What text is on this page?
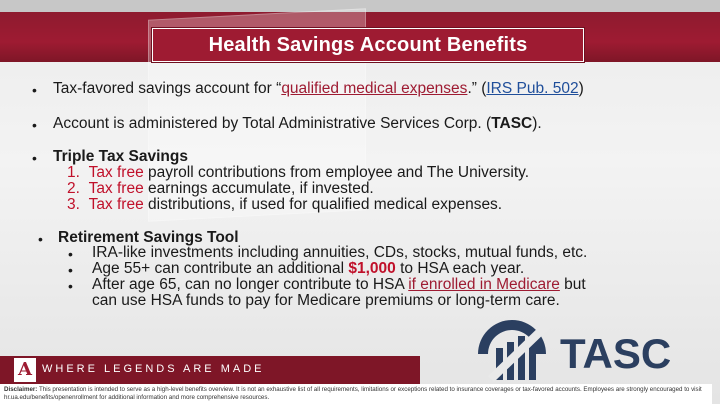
Health Savings Account Benefits
• Tax-favored savings account for “qualified medical expenses.” (IRS Pub. 502)
• Account is administered by Total Administrative Services Corp. (TASC).
• Triple Tax Savings
1. Tax free payroll contributions from employee and The University.
2. Tax free earnings accumulate, if invested.
3. Tax free distributions, if used for qualified medical expenses.
• Retirement Savings Tool
• IRA-like investments including annuities, CDs, stocks, mutual funds, etc.
• Age 55+ can contribute an additional $1,000 to HSA each year.
• After age 65, can no longer contribute to HSA if enrolled in Medicare but
can use HSA funds to pay for Medicare premiums or long-term care.
TASC
A WHERE LEGENDS ARE MADE
Disclaimer: This presentation is intended to serve as a high-level benefits overview. It is not an exhaustive list of all requirements, limitations or exceptions related to insurance coverages or tax-favored accounts. Employees are strongly encouraged to visit hr.ua.edu/benefits/openenrollment for additional information and more comprehensive resources.
